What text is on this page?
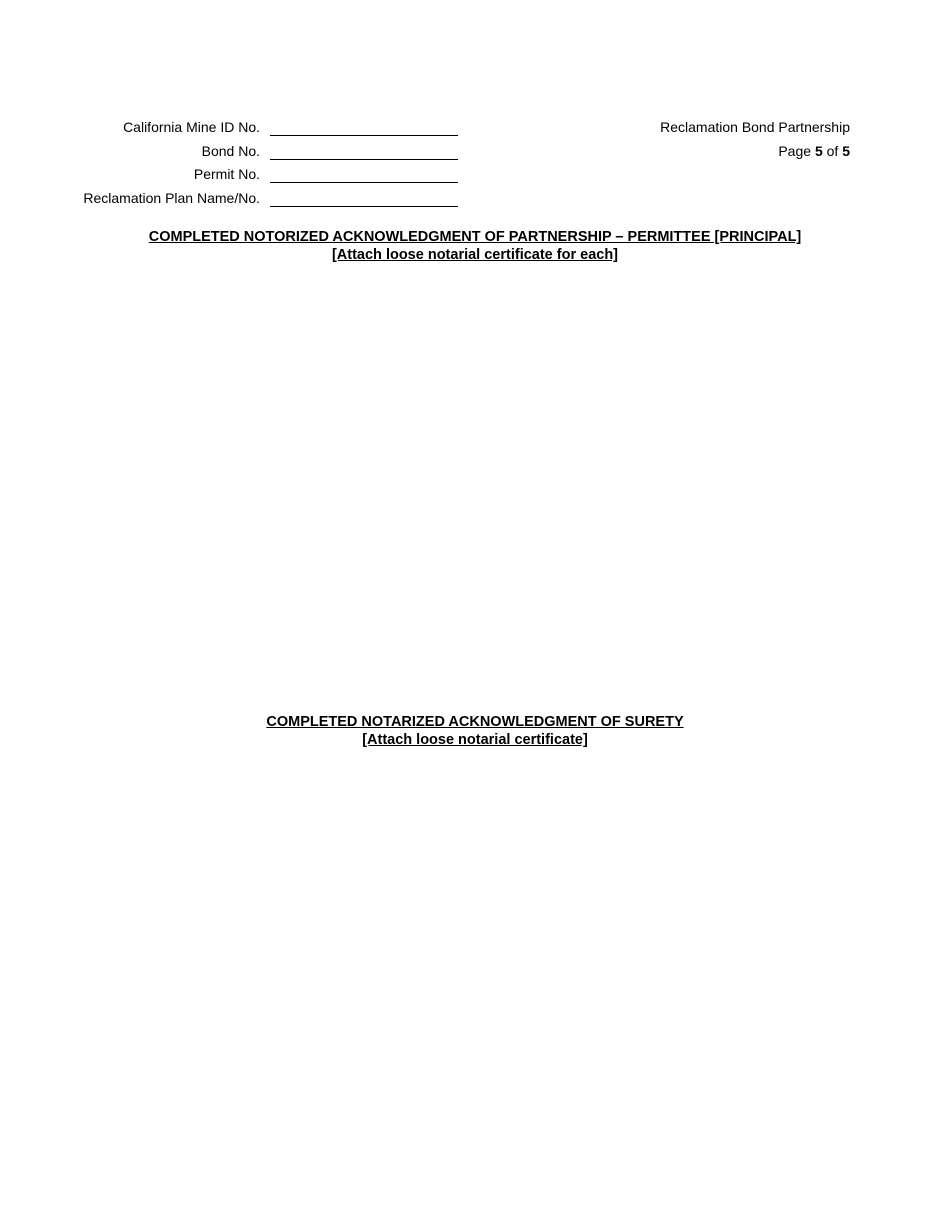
California Mine ID No.
Bond No.
Permit No.
Reclamation Plan Name/No.
Reclamation Bond Partnership
Page 5 of 5
COMPLETED NOTORIZED ACKNOWLEDGMENT OF PARTNERSHIP – PERMITTEE [PRINCIPAL]
[Attach loose notarial certificate for each]
COMPLETED NOTARIZED ACKNOWLEDGMENT OF SURETY
[Attach loose notarial certificate]
